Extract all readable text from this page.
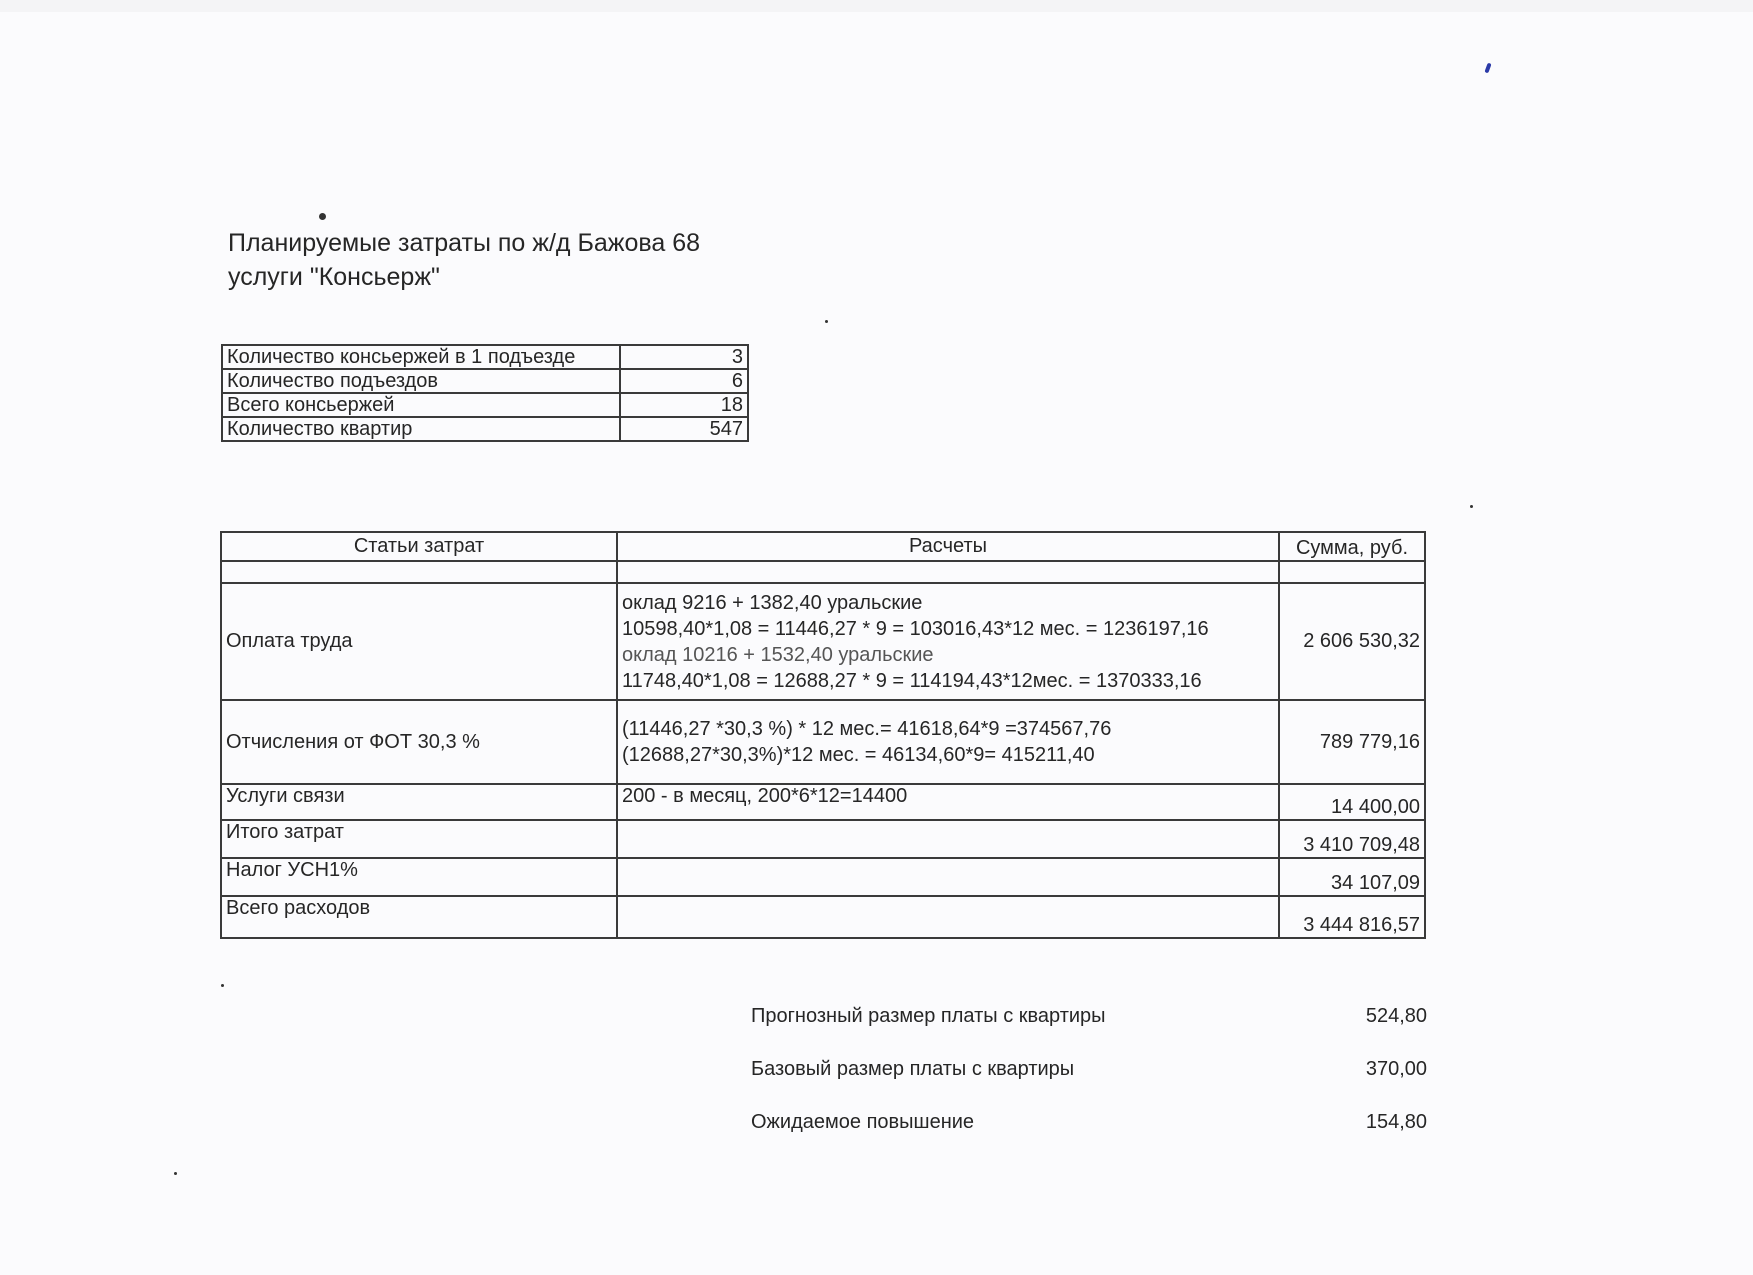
Планируемые затраты по ж/д Бажова 68
услуги "Консьерж"
Количество консьержей в 1 подъезде	3
Количество подъездов	6
Всего консьержей	18
Количество квартир	547
Статьи затрат	Расчеты	Сумма, руб.

Оплата труда	оклад 9216 + 1382,40 уральские
10598,40*1,08 = 11446,27 * 9 = 103016,43*12 мес. = 1236197,16
оклад 10216 + 1532,40 уральские
11748,40*1,08 = 12688,27 * 9 = 114194,43*12мес. = 1370333,16	2 606 530,32
Отчисления от ФОТ 30,3 %	(11446,27 *30,3 %) * 12 мес.= 41618,64*9 =374567,76
(12688,27*30,3%)*12 мес. = 46134,60*9= 415211,40	789 779,16
Услуги связи	200 - в месяц, 200*6*12=14400	14 400,00
Итого затрат		3 410 709,48
Налог УСН1%		34 107,09
Всего расходов		3 444 816,57
Прогнозный размер платы с квартиры	524,80
Базовый размер платы с квартиры	370,00
Ожидаемое повышение	154,80
